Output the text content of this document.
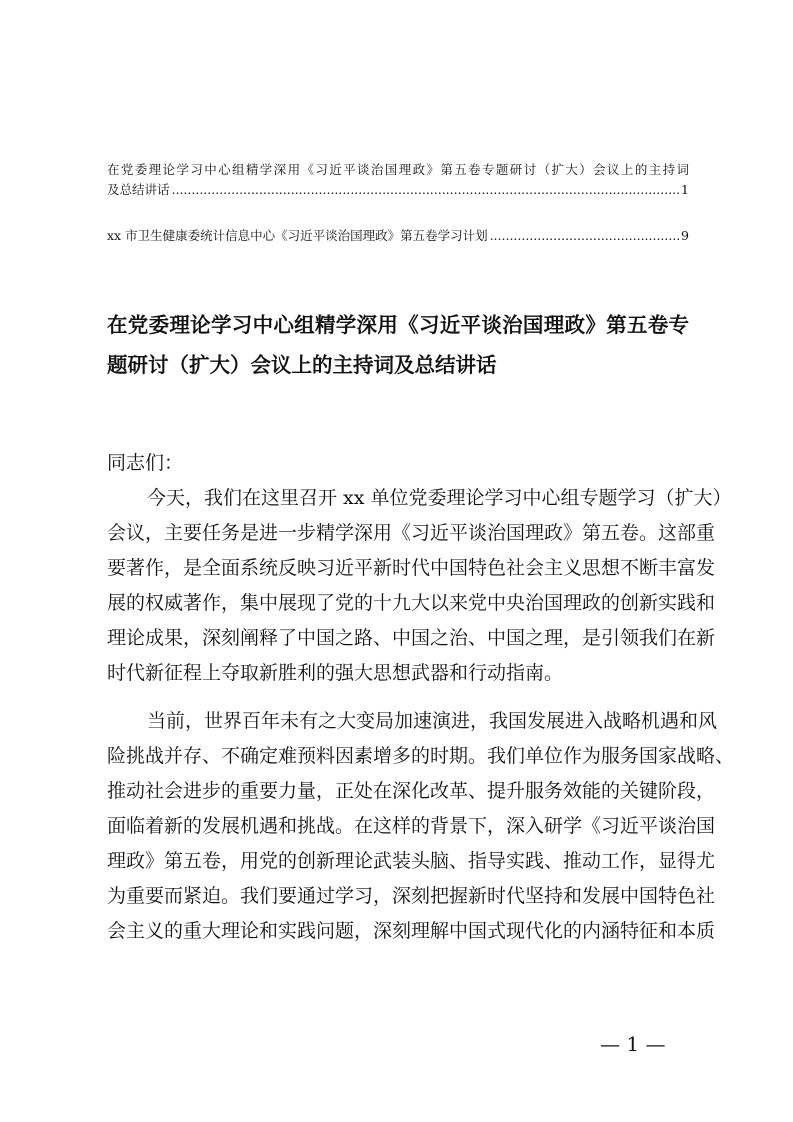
在党委理论学习中心组精学深用《习近平谈治国理政》第五卷专题研讨（扩大）会议上的主持词
及总结讲话 .....	1
xx 市卫生健康委统计信息中心《习近平谈治国理政》第五卷学习计划 .....	9
在党委理论学习中心组精学深用《习近平谈治国理政》第五卷专
题研讨（扩大）会议上的主持词及总结讲话
同志们：
今天，我们在这里召开 xx 单位党委理论学习中心组专题学习（扩大）
会议，主要任务是进一步精学深用《习近平谈治国理政》第五卷。这部重
要著作，是全面系统反映习近平新时代中国特色社会主义思想不断丰富发
展的权威著作，集中展现了党的十九大以来党中央治国理政的创新实践和
理论成果，深刻阐释了中国之路、中国之治、中国之理，是引领我们在新
时代新征程上夺取新胜利的强大思想武器和行动指南。
当前，世界百年未有之大变局加速演进，我国发展进入战略机遇和风
险挑战并存、不确定难预料因素增多的时期。我们单位作为服务国家战略、
推动社会进步的重要力量，正处在深化改革、提升服务效能的关键阶段，
面临着新的发展机遇和挑战。在这样的背景下，深入研学《习近平谈治国
理政》第五卷，用党的创新理论武装头脑、指导实践、推动工作，显得尤
为重要而紧迫。我们要通过学习，深刻把握新时代坚持和发展中国特色社
会主义的重大理论和实践问题，深刻理解中国式现代化的内涵特征和本质
— 1 —
